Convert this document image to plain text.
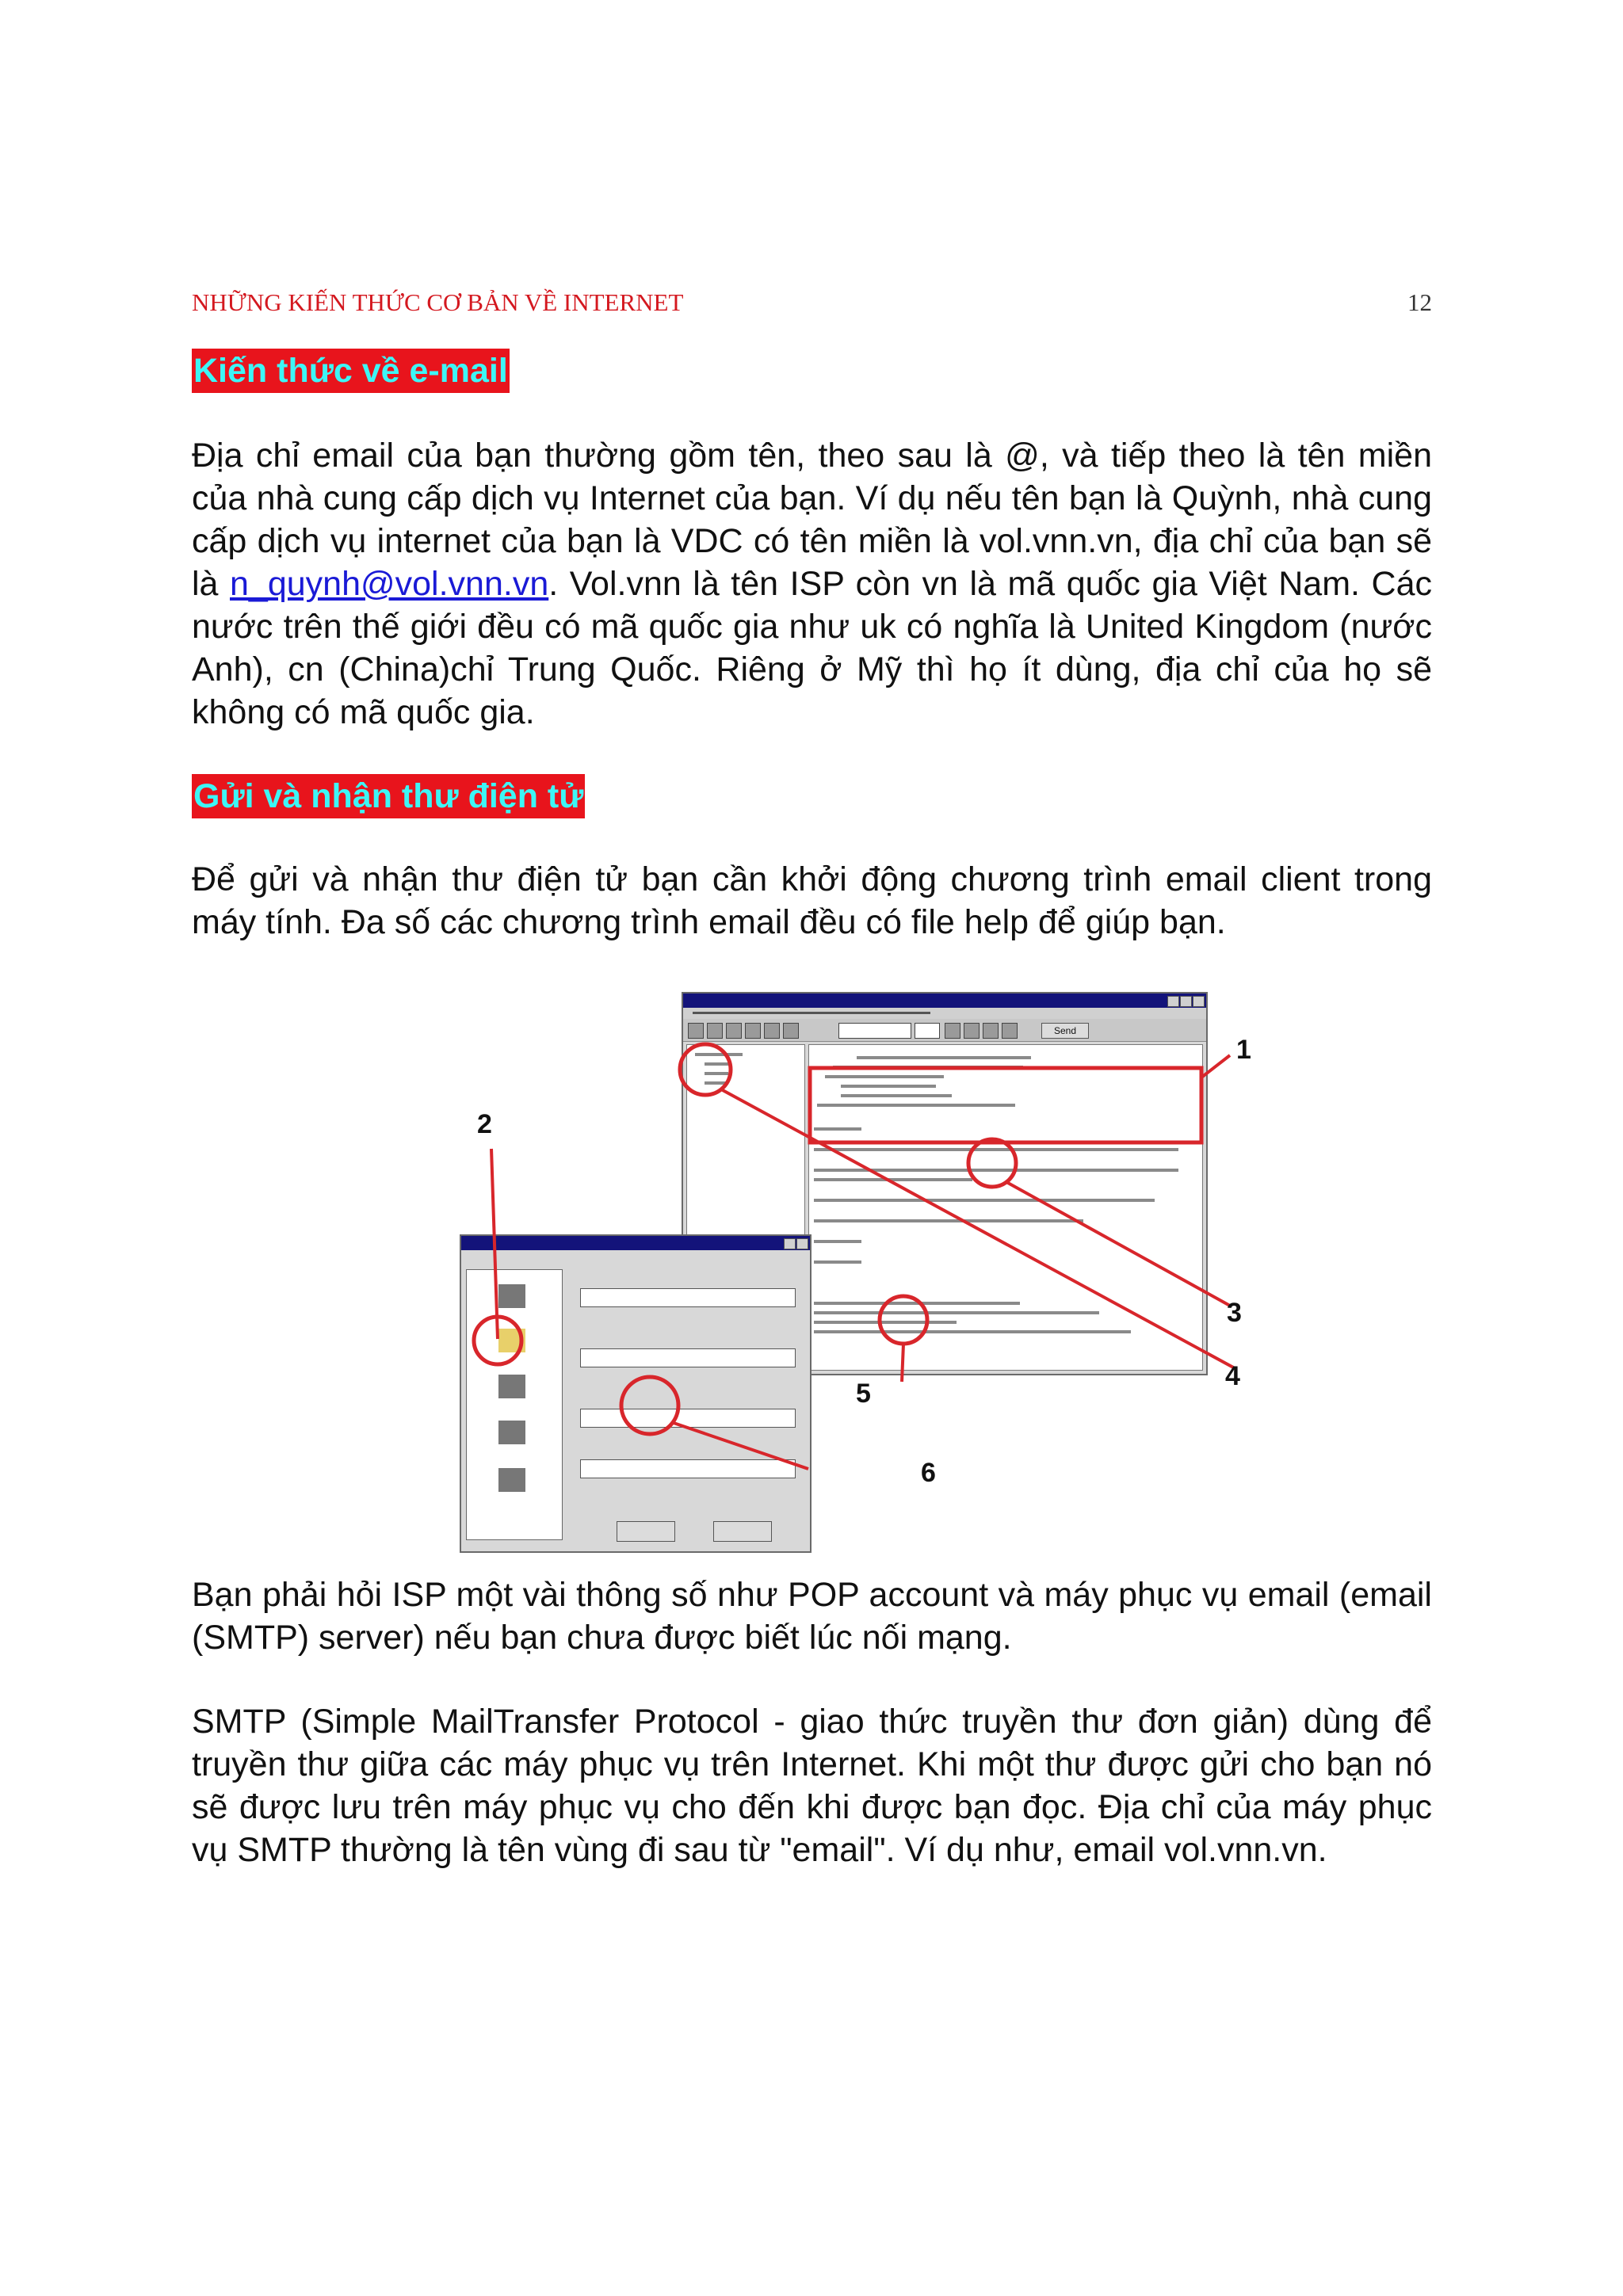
NHỮNG KIẾN THỨC CƠ BẢN VỀ INTERNET	12
Kiến thức về e-mail
Địa chỉ email của bạn thường gồm tên, theo sau là @, và tiếp theo là tên miền của nhà cung cấp dịch vụ Internet của bạn. Ví dụ nếu tên bạn là Quỳnh, nhà cung cấp dịch vụ internet của bạn là VDC có tên miền là vol.vnn.vn, địa chỉ của bạn sẽ là n_quynh@vol.vnn.vn. Vol.vnn là tên ISP còn vn là mã quốc gia Việt Nam. Các nước trên thế giới đều có mã quốc gia như uk có nghĩa là United Kingdom (nước Anh), cn (China)chỉ Trung Quốc. Riêng ở Mỹ thì họ ít dùng, địa chỉ của họ sẽ không có mã quốc gia.
Gửi và nhận thư điện tử
Để gửi và nhận thư điện tử bạn cần khởi động chương trình email client trong máy tính. Đa số các chương trình email đều có file help để giúp bạn.
Send
1
2
3
4
5
6
Bạn phải hỏi ISP một vài thông số như POP account và máy phục vụ email (email (SMTP) server) nếu bạn chưa được biết lúc nối mạng.
SMTP (Simple MailTransfer Protocol - giao thức truyền thư đơn giản) dùng để truyền thư giữa các máy phục vụ trên Internet. Khi một thư được gửi cho bạn nó sẽ được lưu trên máy phục vụ cho đến khi được bạn đọc. Địa chỉ của máy phục vụ SMTP thường là tên vùng đi sau từ "email". Ví dụ như, email vol.vnn.vn.
